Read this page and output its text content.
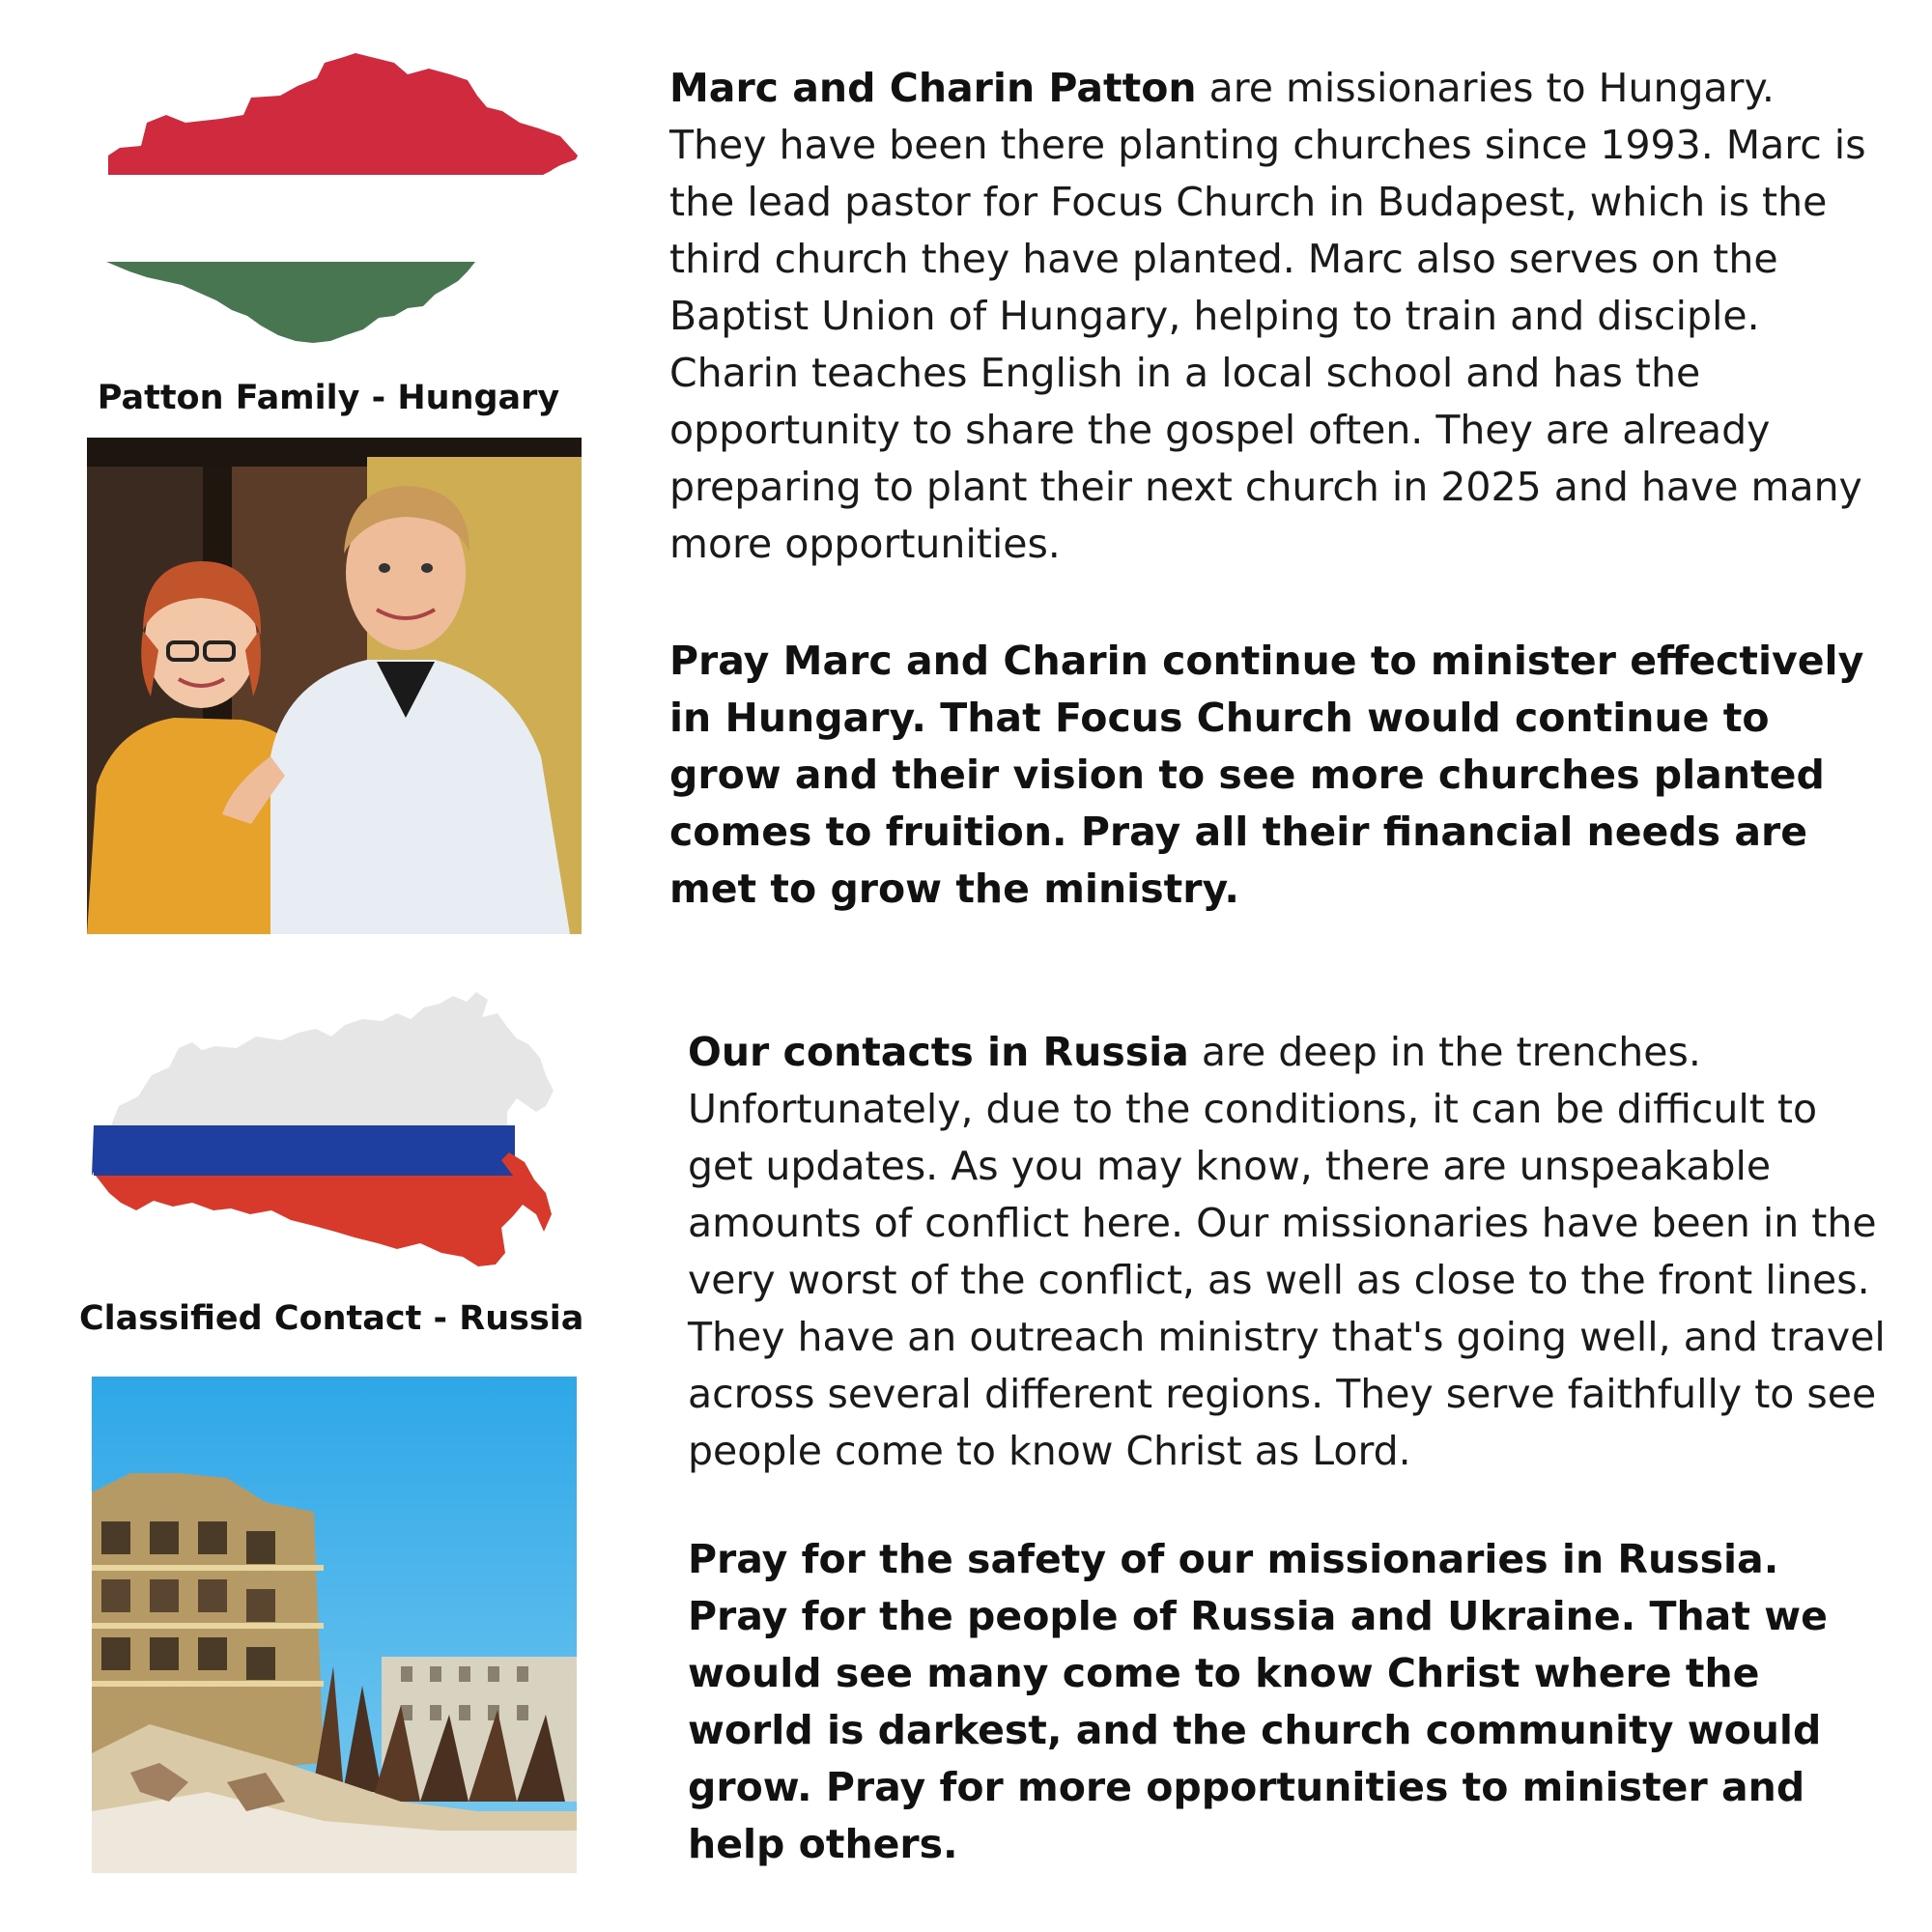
Patton Family - Hungary

Marc and Charin Patton are missionaries to Hungary. They have been there planting churches since 1993. Marc is the lead pastor for Focus Church in Budapest, which is the third church they have planted. Marc also serves on the Baptist Union of Hungary, helping to train and disciple. Charin teaches English in a local school and has the opportunity to share the gospel often. They are already preparing to plant their next church in 2025 and have many more opportunities.

Pray Marc and Charin continue to minister effectively in Hungary. That Focus Church would continue to grow and their vision to see more churches planted comes to fruition. Pray all their financial needs are met to grow the ministry.
Classified Contact - Russia

Our contacts in Russia are deep in the trenches. Unfortunately, due to the conditions, it can be difficult to get updates. As you may know, there are unspeakable amounts of conflict here. Our missionaries have been in the very worst of the conflict, as well as close to the front lines. They have an outreach ministry that's going well, and travel across several different regions. They serve faithfully to see people come to know Christ as Lord.

Pray for the safety of our missionaries in Russia. Pray for the people of Russia and Ukraine. That we would see many come to know Christ where the world is darkest, and the church community would grow. Pray for more opportunities to minister and help others.
